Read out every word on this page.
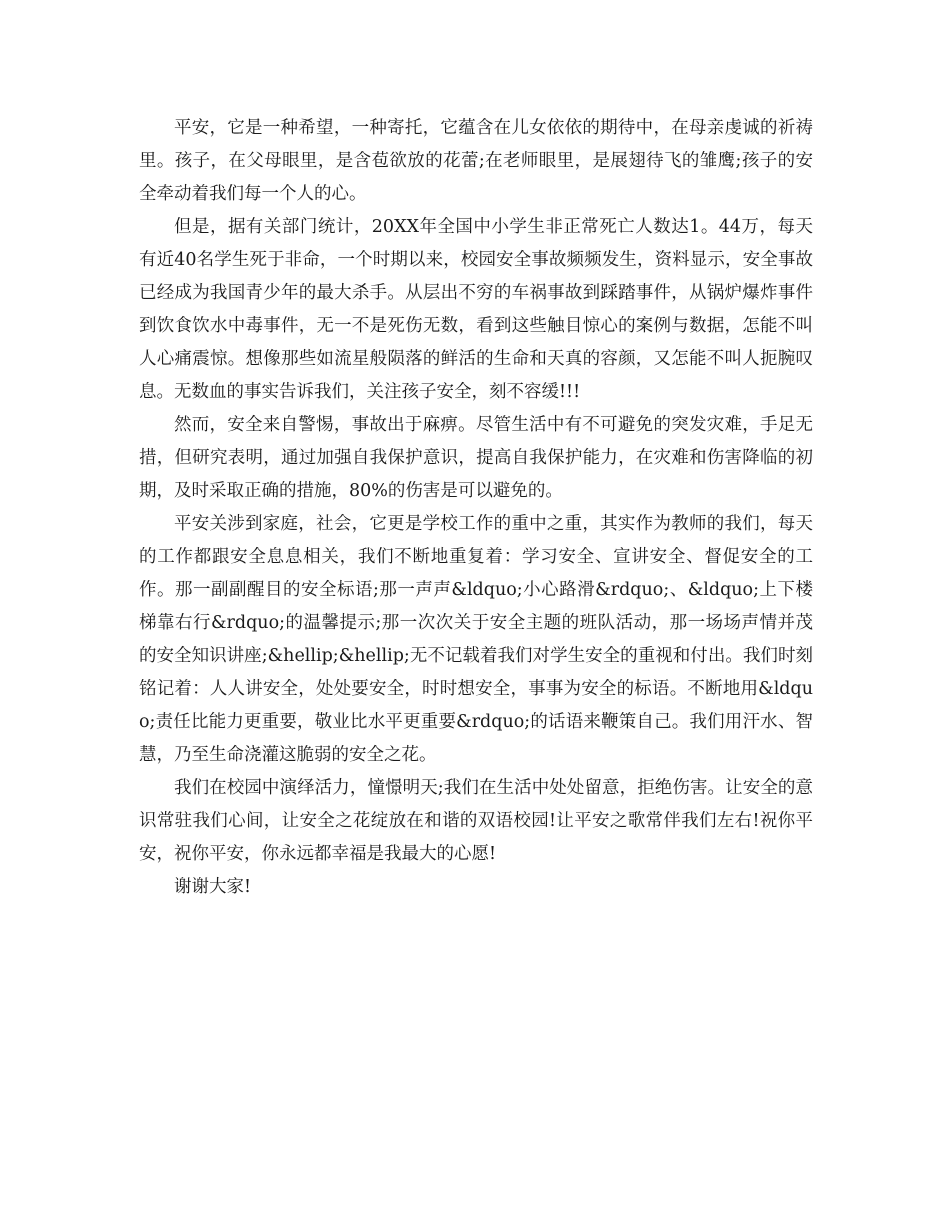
平安，它是一种希望，一种寄托，它蕴含在儿女依依的期待中，在母亲虔诚的祈祷里。孩子，在父母眼里，是含苞欲放的花蕾;在老师眼里，是展翅待飞的雏鹰;孩子的安全牵动着我们每一个人的心。

但是，据有关部门统计，20XX年全国中小学生非正常死亡人数达1。44万，每天有近40名学生死于非命，一个时期以来，校园安全事故频频发生，资料显示，安全事故已经成为我国青少年的最大杀手。从层出不穷的车祸事故到踩踏事件，从锅炉爆炸事件到饮食饮水中毒事件，无一不是死伤无数，看到这些触目惊心的案例与数据，怎能不叫人心痛震惊。想像那些如流星般陨落的鲜活的生命和天真的容颜，又怎能不叫人扼腕叹息。无数血的事实告诉我们，关注孩子安全，刻不容缓!!!

然而，安全来自警惕，事故出于麻痹。尽管生活中有不可避免的突发灾难，手足无措，但研究表明，通过加强自我保护意识，提高自我保护能力，在灾难和伤害降临的初期，及时采取正确的措施，80%的伤害是可以避免的。

平安关涉到家庭，社会，它更是学校工作的重中之重，其实作为教师的我们，每天的工作都跟安全息息相关，我们不断地重复着：学习安全、宣讲安全、督促安全的工作。那一副副醒目的安全标语;那一声声&ldquo;小心路滑&rdquo;、&ldquo;上下楼梯靠右行&rdquo;的温馨提示;那一次次关于安全主题的班队活动，那一场场声情并茂的安全知识讲座;&hellip;&hellip;无不记载着我们对学生安全的重视和付出。我们时刻铭记着：人人讲安全，处处要安全，时时想安全，事事为安全的标语。不断地用&ldquo;责任比能力更重要，敬业比水平更重要&rdquo;的话语来鞭策自己。我们用汗水、智慧，乃至生命浇灌这脆弱的安全之花。

我们在校园中演绎活力，憧憬明天;我们在生活中处处留意，拒绝伤害。让安全的意识常驻我们心间，让安全之花绽放在和谐的双语校园!让平安之歌常伴我们左右!祝你平安，祝你平安，你永远都幸福是我最大的心愿!

谢谢大家!
